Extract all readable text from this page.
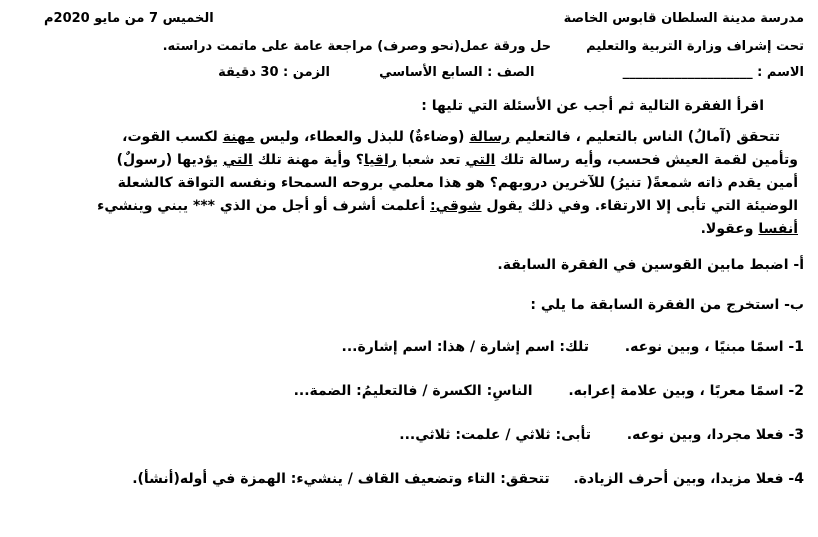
مدرسة مدينة السلطان قابوس الخاصة
الخميس 7 من مايو 2020م
تحت إشراف وزارة التربية والتعليم  حل ورقة عمل(نحو وصرف) مراجعة عامة على ماتمت دراسته.
الاسم : ____________________ الصف : السابع الأساسي الزمن : 30 دقيقة
اقرأ الفقرة التالية ثم أجب عن الأسئلة التي تليها :
تتحقق (آمالُ) الناس بالتعليم ، فالتعليم رسالة (وضاءةٌ) للبذل والعطاء، وليس مهنة لكسب القوت،
وتأمين لقمة العيش فحسب، وأيه رسالة تلك التي تعد شعبا راقيا؟ وأية مهنة تلك التي يؤديها (رسولٌ)
أمين يقدم ذاته شمعةً( تنيرُ) للآخرين دروبهم؟ هو هذا معلمي بروحه السمحاء ونفسه التواقة كالشعلة
الوضيئة التي تأبى إلا الارتقاء. وفي ذلك يقول شوقي: أعلمت أشرف أو أجل من الذي *** يبني وينشيء
أنفسا وعقولا.
أ- اضبط مابين القوسين في الفقرة السابقة.
ب- استخرج من الفقرة السابقة ما يلي :
1- اسمًا مبنيًا ، وبين نوعه.  تلك: اسم إشارة / هذا: اسم إشارة...
2- اسمًا معربًا ، وبين علامة إعرابه.  الناسِ: الكسرة / فالتعليمُ: الضمة...
3- فعلا مجردا، وبين نوعه.  تأبى: ثلاثي / علمت: ثلاثي...
4- فعلا مزيدا، وبين أحرف الزيادة.  تتحقق: التاء وتضعيف القاف / ينشيء: الهمزة في أوله(أنشأ).
